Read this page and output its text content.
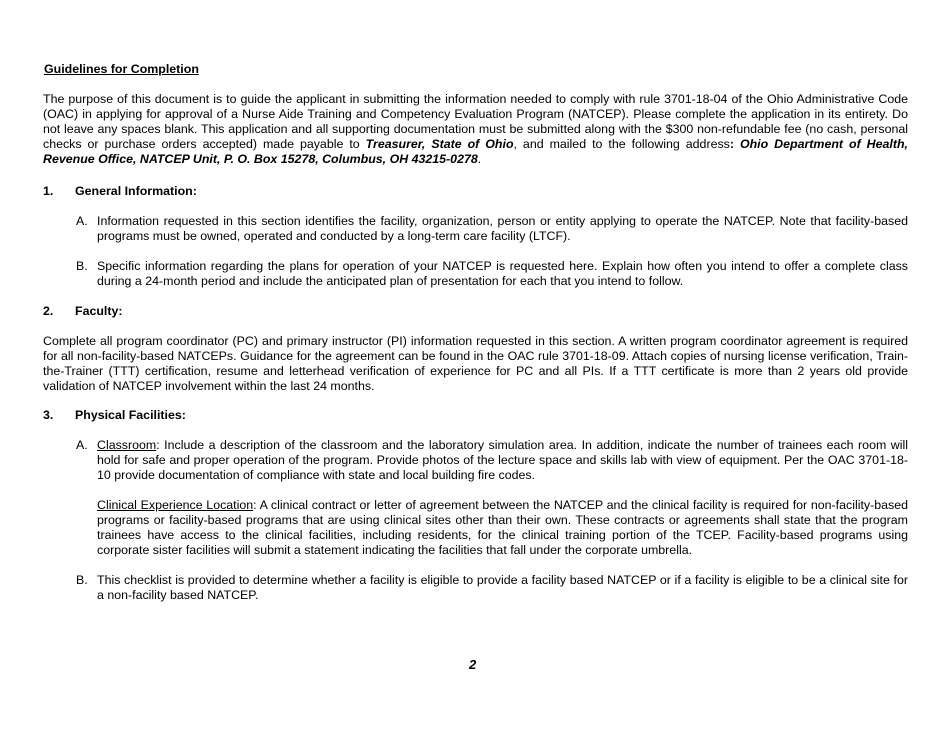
Guidelines for Completion
The purpose of this document is to guide the applicant in submitting the information needed to comply with rule 3701-18-04 of the Ohio Administrative Code (OAC) in applying for approval of a Nurse Aide Training and Competency Evaluation Program (NATCEP). Please complete the application in its entirety. Do not leave any spaces blank. This application and all supporting documentation must be submitted along with the $300 non-refundable fee (no cash, personal checks or purchase orders accepted) made payable to Treasurer, State of Ohio, and mailed to the following address: Ohio Department of Health, Revenue Office, NATCEP Unit, P. O. Box 15278, Columbus, OH 43215-0278.
1. General Information:
A. Information requested in this section identifies the facility, organization, person or entity applying to operate the NATCEP. Note that facility-based programs must be owned, operated and conducted by a long-term care facility (LTCF).
B. Specific information regarding the plans for operation of your NATCEP is requested here. Explain how often you intend to offer a complete class during a 24-month period and include the anticipated plan of presentation for each that you intend to follow.
2. Faculty:
Complete all program coordinator (PC) and primary instructor (PI) information requested in this section. A written program coordinator agreement is required for all non-facility-based NATCEPs. Guidance for the agreement can be found in the OAC rule 3701-18-09. Attach copies of nursing license verification, Train-the-Trainer (TTT) certification, resume and letterhead verification of experience for PC and all PIs. If a TTT certificate is more than 2 years old provide validation of NATCEP involvement within the last 24 months.
3. Physical Facilities:
A. Classroom: Include a description of the classroom and the laboratory simulation area. In addition, indicate the number of trainees each room will hold for safe and proper operation of the program. Provide photos of the lecture space and skills lab with view of equipment. Per the OAC 3701-18-10 provide documentation of compliance with state and local building fire codes.
Clinical Experience Location: A clinical contract or letter of agreement between the NATCEP and the clinical facility is required for non-facility-based programs or facility-based programs that are using clinical sites other than their own. These contracts or agreements shall state that the program trainees have access to the clinical facilities, including residents, for the clinical training portion of the TCEP. Facility-based programs using corporate sister facilities will submit a statement indicating the facilities that fall under the corporate umbrella.
B. This checklist is provided to determine whether a facility is eligible to provide a facility based NATCEP or if a facility is eligible to be a clinical site for a non-facility based NATCEP.
2
